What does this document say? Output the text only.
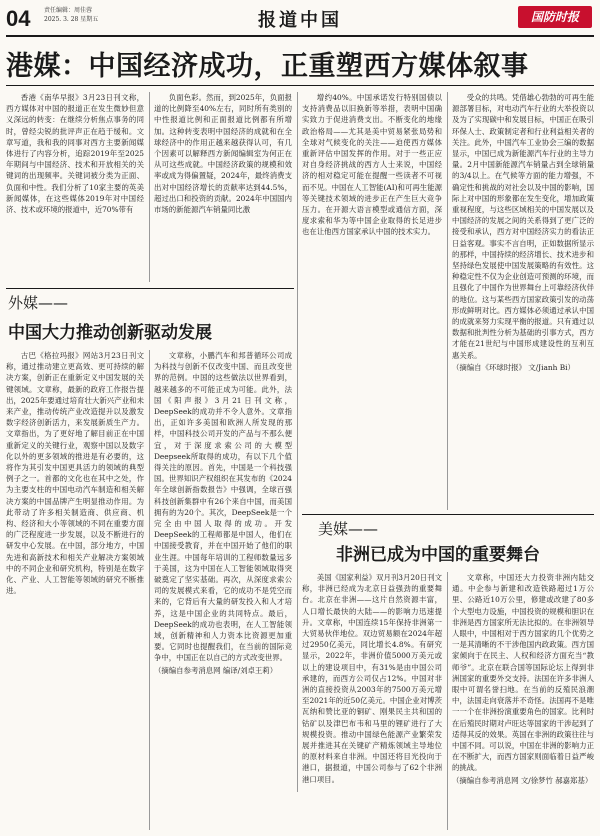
04 责任编辑：周佳蓉
2025. 3. 28 星期五	报道中国	国防时报
港媒：中国经济成功，正重塑西方媒体叙事

香港《南华早报》3月23日刊文称，西方媒体对中国的报道正在发生微妙但意义深远的转变：在继续分析焦点事务的同时，曾经尖锐的批评声正在趋于缓和。文章写道，我和我的同事对西方主要新闻媒体进行了内容分析，追踪2019年至2025年期间与中国经济、技术和开放相关的关键词的出现频率。关键词被分类为正面、负面和中性。我们分析了10家主要的英美新闻媒体，在这些媒体2019年对中国经济、技术或环境的报道中，近70%带有

负面色彩。然而，到2025年，负面报道的比例降至40%左右，同时所有类别的中性报道比例和正面报道比例都有所增加。这种转变表明中国经济的成就和在全球经济中的作用正越来越获得认可，有几个因素可以解释西方新闻编辑室为何正在从可这些成就。中国经济政策的规模和效率或成为得偏置疑，2024年，最终消费支出对中国经济增长的贡献率达到44.5%，超过出口和投资的贡献。2024年中国国内市场的新能源汽车销量同比激

增约40%。中国承诺发行特别国债以支持消费品以旧换新等举措，表明中国确实致力于促进消费支出。不断变化的地缘政治格局——尤其是美中贸易紧张局势和全球对气候变化的关注——迫使西方媒体重新评估中国发挥的作用。对于一些正应对自身经济挑战的西方人士来说，中国经济的相对稳定可能在提醒一些读者不可视而不见。中国在人工智能(AI)和可再生能源等关键技术领域的进步正在产生巨大竞争压力。在开源大语言模型或通信方面，深度求索和华为等中国企业取得的长足进步也在让他西方国家承认中国的技术实力。

受众的共鸣。凭借雄心勃勃的可再生能源部署目标，对电动汽车行业的大举投资以及为了实现碳中和发展目标，中国正在吸引环保人士、政策制定者和行业利益相关者的关注。此外，中国汽车工业协会三编的数据显示，中国已成为新能源汽车行业的主导力量。2月中国新能源汽车销量占到全球销量的3/4以上。在气候等方面的能力增强，不确定性和挑战的对社会以及中国的影响，国际上对中国的形象都在发生变化，增加政策重视程度，与这些区域相关的中国发展以及中国经济的发展之间的关系得到了更广泛的接受和承认，西方对中国经济实力的看法正日益客观。事实不言自明，正如数据所显示的那样，中国持续的经济增长、技术进步和坚持绿色发展使中国发展策略的有效性。这种稳定性不仅为企业创造可预测的环境，而且强化了中国作为世界舞台上可靠经济伙伴的地位。这与某些西方国家政策引发的动荡形成鲜明对比。西方媒体必须通过承认中国的成就来努力实现平衡的报道。只有通过以数据和批判性分析为基础的引事方式，西方才能在21世纪与中国形成建设性的互利互惠关系。

（摘编自《环球时报》 文/Jianh Bi）

外媒——
中国大力推动创新驱动发展

古巴《格拉玛报》网站3月23日刊文称，通过推动建立更高效、更可持续的解决方案，创新正在重新定义中国发展的关键领域。文章称，最新的政府工作报告提出，2025年要通过培育壮大新兴产业和未来产业，推动传统产业改造提升以及激发数字经济创新活力，来发展新质生产力。文章指出，为了更好地了解目前正在中国重新定义的关键行业，观察中国以及数字化以外的更多领域的推进是有必要的，这将作为其引发中国更具活力的领域的典型例子之一。首都的文化也在其中之处，作为主要支柱的中国电动汽车制造和相关解决方案的中国品牌产生明显推动作用。为此带动了许多相关制造商、供应商、机构、经济和大小等领域的不同在重要方面的广泛程度进一步发展，以及不断进行的研发中心发展。在中国，部分地方，中国先进和高新技术和相关产业解决方案领域中的不同企业和研究机构，特别是在数字化、产业、人工智能等领域的研究不断推进。

文章称，小鹏汽车和邦普循环公司成为科技与创新不仅改变中国、而且改变世界的范例。中国的这些做法以世界看到，越来越多的不可能正成为可能。此外，法国《阳声报》3月21日刊文称，DeepSeek的成功并不令人意外。文章指出，正如许多美国和欧洲人所发现的那样，中国科技公司开发的产品与不那么便宜，对于深度求索公司的大模型Deepseek所取得的成功，有以下几个值得关注的原因。首先，中国是一个科技强国。世界知识产权组织在其发布的《2024年全球创新指数报告》中强调，全球百强科技创新集群中有26个来自中国，而美国拥有的为20个。其次，DeepSeek是一个完全由中国人取得的成功。开发DeepSeek的工程师都是中国人，他们在中国接受教育，并在中国开始了他们的职业生涯。中国每年培训的工程师数量远多于美国，这为中国在人工智能领域取得突破奠定了坚实基础。再次，从深度求索公司的发展模式来看，它的成功不是凭空而来的，它背后有大量的研发投入和人才培养，这是中国企业的共同特点。最后，DeepSeek的成功也表明，在人工智能领域，创新精神和人力资本比资源更加重要。它同时也提醒我们，在当前的国际竞争中，中国正在以自己的方式改变世界。

（摘编自参考消息网 编译/刘卓王莉）

美媒——
非洲已成为中国的重要舞台

美国《国家利益》双月刊3月20日刊文称，非洲已经成为北京日益强劲的重要舞台。北京在非洲——这片自然资源丰富，人口增长最快的大陆——的影响力迅速提升。文章称，中国连续15年保持非洲第一大贸易伙伴地位。双边贸易额在2024年超过2950亿美元，同比增长4.8%。有研究显示，2022年，非洲价值5000万美元或以上的建设项目中，有31%是由中国公司承建的，而西方公司仅占12%。中国对非洲的直接投资从2003年的7500万美元增至2021年的近50亿美元。中国企业对博茨瓦纳和赞比亚的铜矿、刚果民主共和国的钴矿以及津巴布韦和马里的锂矿进行了大规模投资。推动中国绿色能源产业繁荣发展并推进其在关键矿产精炼领域主导地位的原材料来自非洲。中国还将目光投向于港口，据报道，中国公司参与了62个非洲港口项目。

文章称，中国还大力投资非洲内陆交通。中企参与新建和改造铁路超过1万公里、公路近10万公里，修建或改建了80多个大型电力设施，中国投资的规模和胆识在非洲是西方国家所无法比拟的。在非洲领导人眼中，中国相对于西方国家的几个优势之一是其清晰的不干涉他国内政政策。西方国家倾向于在民主、人权和经济方面充当“教师爷”。北京在联合国等国际论坛上得到非洲国家的重要外交支持。法国在许多非洲人眼中可谓名誉扫地。在当前的反殖民浪潮中，法国走向衰落并不奇怪。法国再不是唯一一个在非洲扮演重要角色的国家。比利时在后殖民时期对卢旺达等国家的干涉起到了适得其反的效果。英国在非洲的政策往往与中国不同。可以说，中国在非洲的影响力正在不断扩大，而西方国家则面临着日益严峻的挑战。

（摘编自参考消息网 文/徐梦竹 郝嘉郑基）
